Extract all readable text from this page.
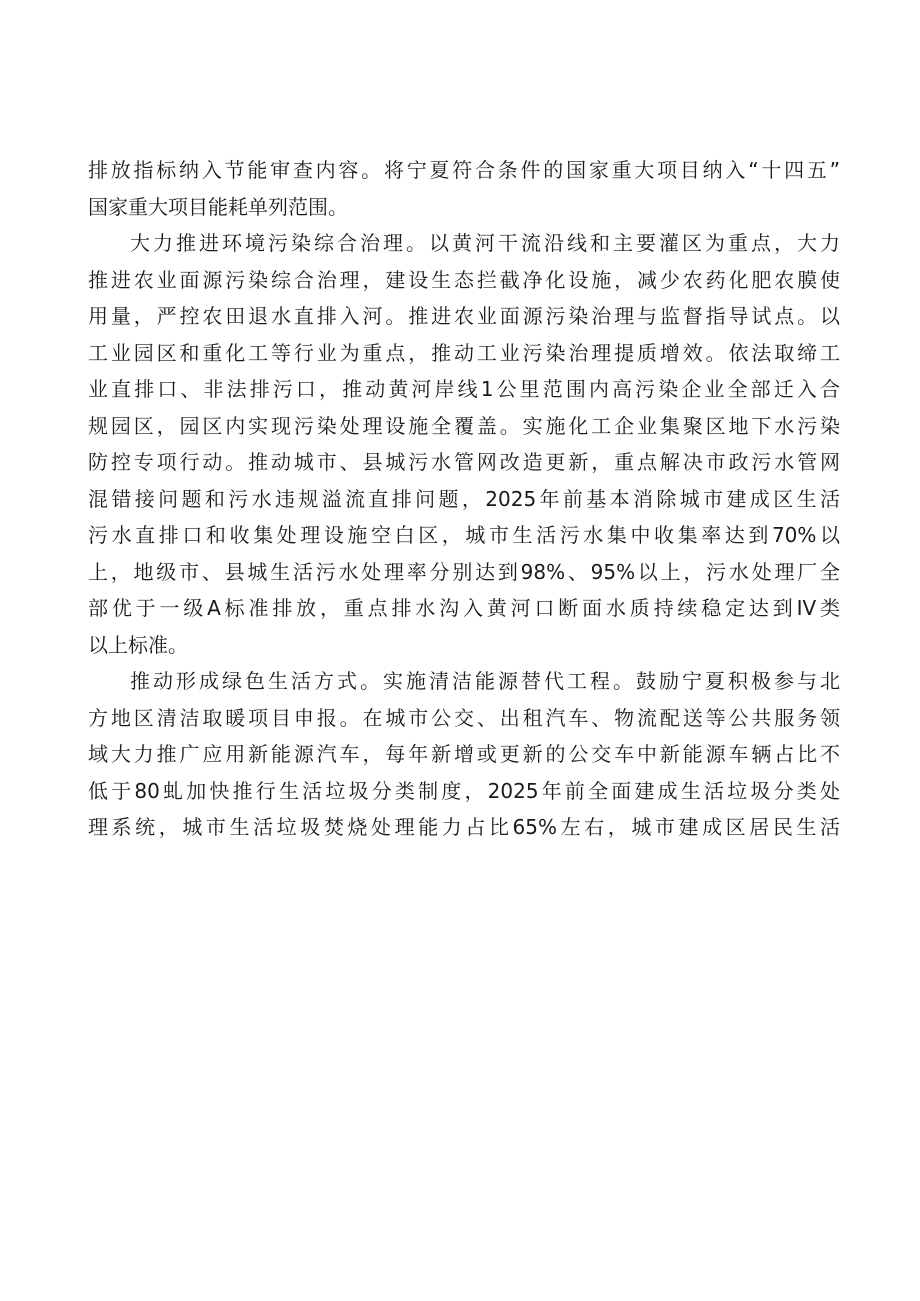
排放指标纳入节能审查内容。将宁夏符合条件的国家重大项目纳入“十四五”
国家重大项目能耗单列范围。
大力推进环境污染综合治理。以黄河干流沿线和主要灌区为重点，大力
推进农业面源污染综合治理，建设生态拦截净化设施，减少农药化肥农膜使
用量，严控农田退水直排入河。推进农业面源污染治理与监督指导试点。以
工业园区和重化工等行业为重点，推动工业污染治理提质增效。依法取缔工
业直排口、非法排污口，推动黄河岸线1公里范围内高污染企业全部迁入合
规园区，园区内实现污染处理设施全覆盖。实施化工企业集聚区地下水污染
防控专项行动。推动城市、县城污水管网改造更新，重点解决市政污水管网
混错接问题和污水违规溢流直排问题，2025年前基本消除城市建成区生活
污水直排口和收集处理设施空白区，城市生活污水集中收集率达到70%以
上，地级市、县城生活污水处理率分别达到98%、95%以上，污水处理厂全
部优于一级A标准排放，重点排水沟入黄河口断面水质持续稳定达到IV类
以上标准。
推动形成绿色生活方式。实施清洁能源替代工程。鼓励宁夏积极参与北
方地区清洁取暖项目申报。在城市公交、出租汽车、物流配送等公共服务领
域大力推广应用新能源汽车，每年新增或更新的公交车中新能源车辆占比不
低于80虬加快推行生活垃圾分类制度，2025年前全面建成生活垃圾分类处
理系统，城市生活垃圾焚烧处理能力占比65%左右，城市建成区居民生活
